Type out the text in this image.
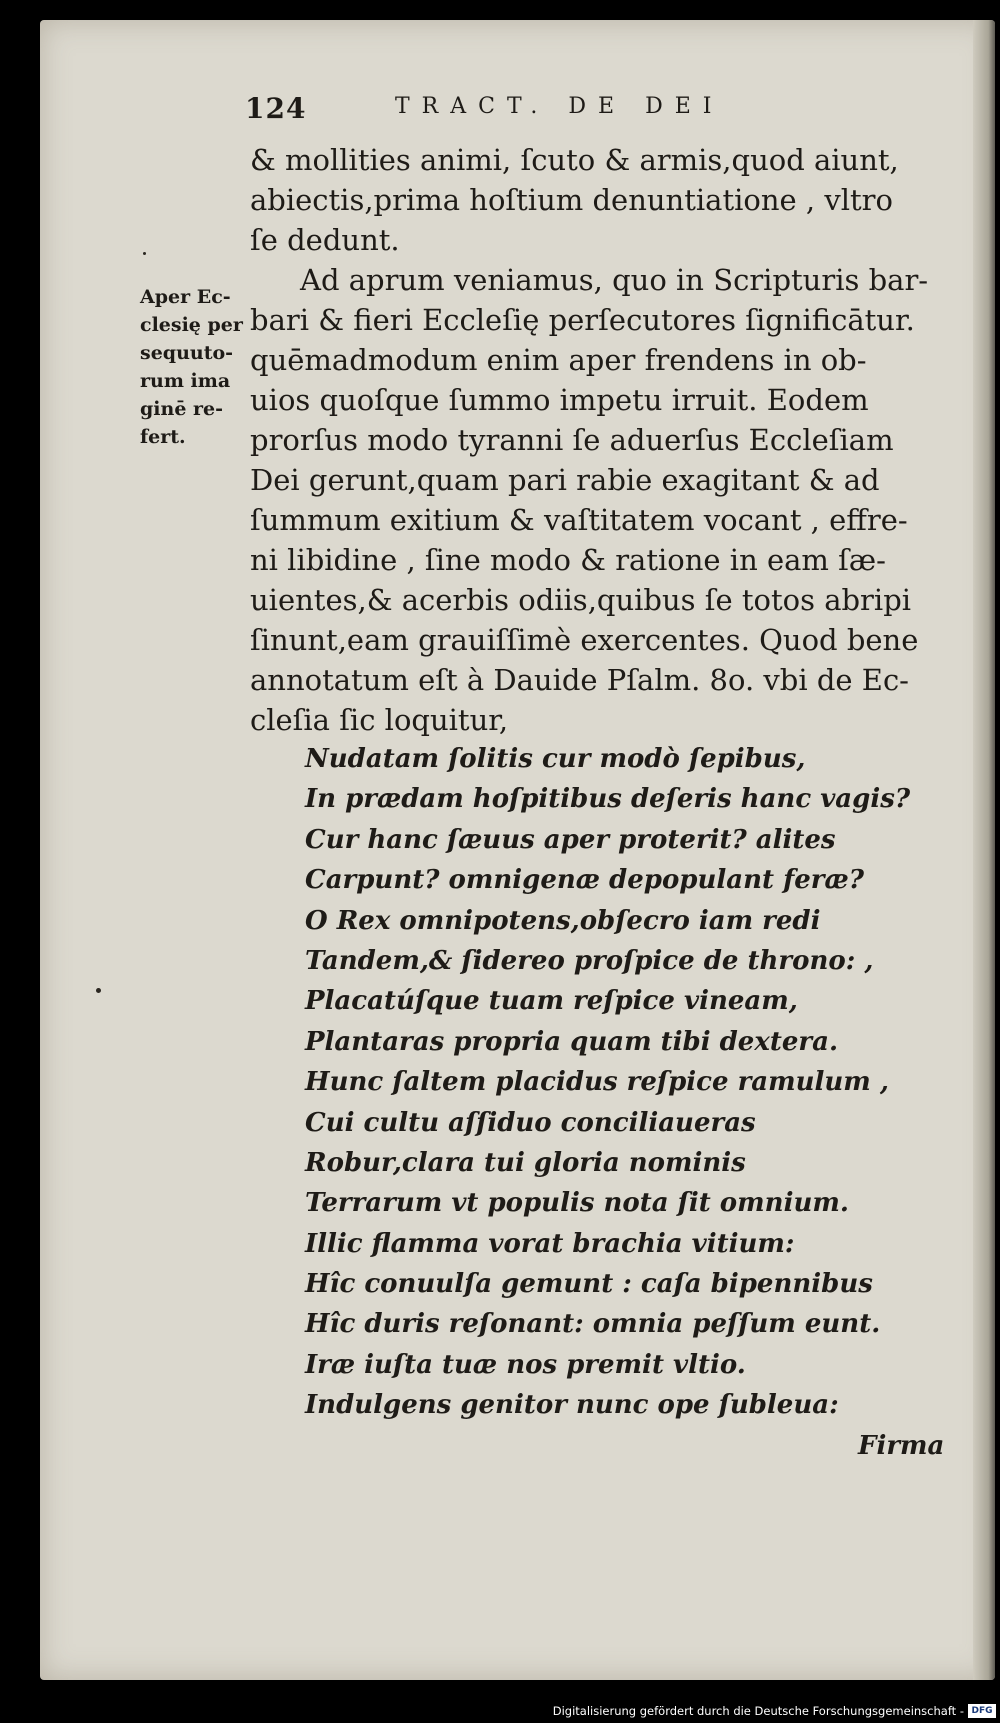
124	TRACT. DE DEI
Aper Ec-
clesię per
sequuto-
rum ima
ginē re-
fert.
& mollities animi, ſcuto & armis,quod aiunt,
abiectis,prima hoſtium denuntiatione , vltro
ſe dedunt.
Ad aprum veniamus, quo in Scripturis bar-
bari & fieri Eccleſię perſecutores ſignificātur.
quēmadmodum enim aper frendens in ob-
uios quoſque ſummo impetu irruit. Eodem
prorſus modo tyranni ſe aduerſus Eccleſiam
Dei gerunt,quam pari rabie exagitant & ad
ſummum exitium & vaſtitatem vocant , effre-
ni libidine , ſine modo & ratione in eam ſæ-
uientes,& acerbis odiis,quibus ſe totos abripi
ſinunt,eam grauiſſimè exercentes. Quod bene
annotatum eſt à Dauide Pſalm. 8o. vbi de Ec-
cleſia ſic loquitur,
Nudatam ſolitis cur modò ſepibus,
In prædam hoſpitibus deſeris hanc vagis?
Cur hanc ſæuus aper proterit? alites
Carpunt? omnigenæ depopulant feræ?
O Rex omnipotens,obſecro iam redi
Tandem,& ſidereo proſpice de throno: ,
Placatúſque tuam reſpice vineam,
Plantaras propria quam tibi dextera.
Hunc ſaltem placidus reſpice ramulum ,
Cui cultu aſſiduo conciliaueras
Robur,clara tui gloria nominis
Terrarum vt populis nota ſit omnium.
Illic flamma vorat brachia vitium:
Hîc conuulſa gemunt : caſa bipennibus
Hîc duris reſonant: omnia peſſum eunt.
Iræ iuſta tuæ nos premit vltio.
Indulgens genitor nunc ope ſubleua:
Firma
Digitalisierung gefördert durch die Deutsche Forschungsgemeinschaft - DFG
